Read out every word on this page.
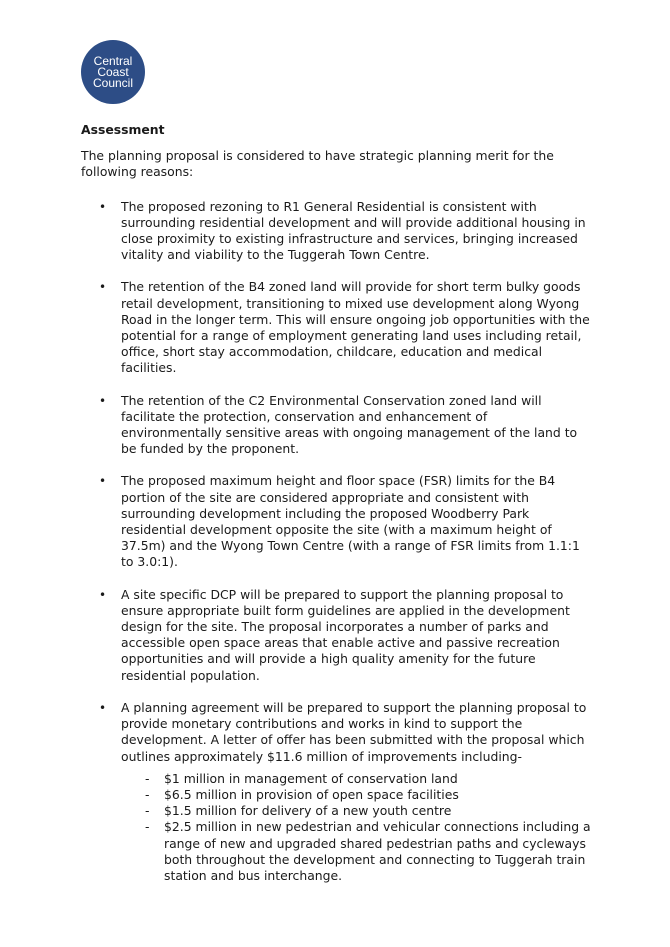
Central
Coast
Council

Assessment

The planning proposal is considered to have strategic planning merit for the following reasons:

• The proposed rezoning to R1 General Residential is consistent with surrounding residential development and will provide additional housing in close proximity to existing infrastructure and services, bringing increased vitality and viability to the Tuggerah Town Centre.
• The retention of the B4 zoned land will provide for short term bulky goods retail development, transitioning to mixed use development along Wyong Road in the longer term. This will ensure ongoing job opportunities with the potential for a range of employment generating land uses including retail, office, short stay accommodation, childcare, education and medical facilities.
• The retention of the C2 Environmental Conservation zoned land will facilitate the protection, conservation and enhancement of environmentally sensitive areas with ongoing management of the land to be funded by the proponent.
• The proposed maximum height and floor space (FSR) limits for the B4 portion of the site are considered appropriate and consistent with surrounding development including the proposed Woodberry Park residential development opposite the site (with a maximum height of 37.5m) and the Wyong Town Centre (with a range of FSR limits from 1.1:1 to 3.0:1).
• A site specific DCP will be prepared to support the planning proposal to ensure appropriate built form guidelines are applied in the development design for the site. The proposal incorporates a number of parks and accessible open space areas that enable active and passive recreation opportunities and will provide a high quality amenity for the future residential population.
• A planning agreement will be prepared to support the planning proposal to provide monetary contributions and works in kind to support the development. A letter of offer has been submitted with the proposal which outlines approximately $11.6 million of improvements including-
- $1 million in management of conservation land
- $6.5 million in provision of open space facilities
- $1.5 million for delivery of a new youth centre
- $2.5 million in new pedestrian and vehicular connections including a range of new and upgraded shared pedestrian paths and cycleways both throughout the development and connecting to Tuggerah train station and bus interchange.
